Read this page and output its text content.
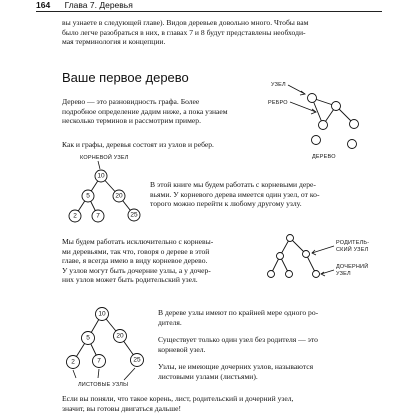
164 Глава 7. Деревья
вы узнаете в следующей главе). Видов деревьев довольно много. Чтобы вам
было легче разобраться в них, в главах 7 и 8 будут представлены необходи-
мая терминология и концепции.
Ваше первое дерево
Дерево — это разновидность графа. Более
подробное определение дадим ниже, а пока узнаем
несколько терминов и рассмотрим пример.
УЗЕЛ
РЕБРО
ДЕРЕВО
Как и графы, деревья состоят из узлов и ребер.
КОРНЕВОЙ УЗЕЛ
10
5	20
2	7	25
В этой книге мы будем работать с корневыми дере-
вьями. У корневого дерева имеется один узел, от ко-
торого можно перейти к любому другому узлу.
Мы будем работать исключительно с корневы-
ми деревьями, так что, говоря о дереве в этой
главе, я всегда имею в виду корневое дерево.
У узлов могут быть дочерние узлы, а у дочер-
них узлов может быть родительский узел.
РОДИТЕЛЬ-
СКИЙ УЗЕЛ
ДОЧЕРНИЙ
УЗЕЛ
10
5	20
2	7	25
ЛИСТОВЫЕ УЗЛЫ
В дереве узлы имеют по крайней мере одного ро-
дителя.
Существует только один узел без родителя — это
корневой узел.
Узлы, не имеющие дочерних узлов, называются
листовыми узлами (листьями).
Если вы поняли, что такое корень, лист, родительский и дочерний узел,
значит, вы готовы двигаться дальше!
